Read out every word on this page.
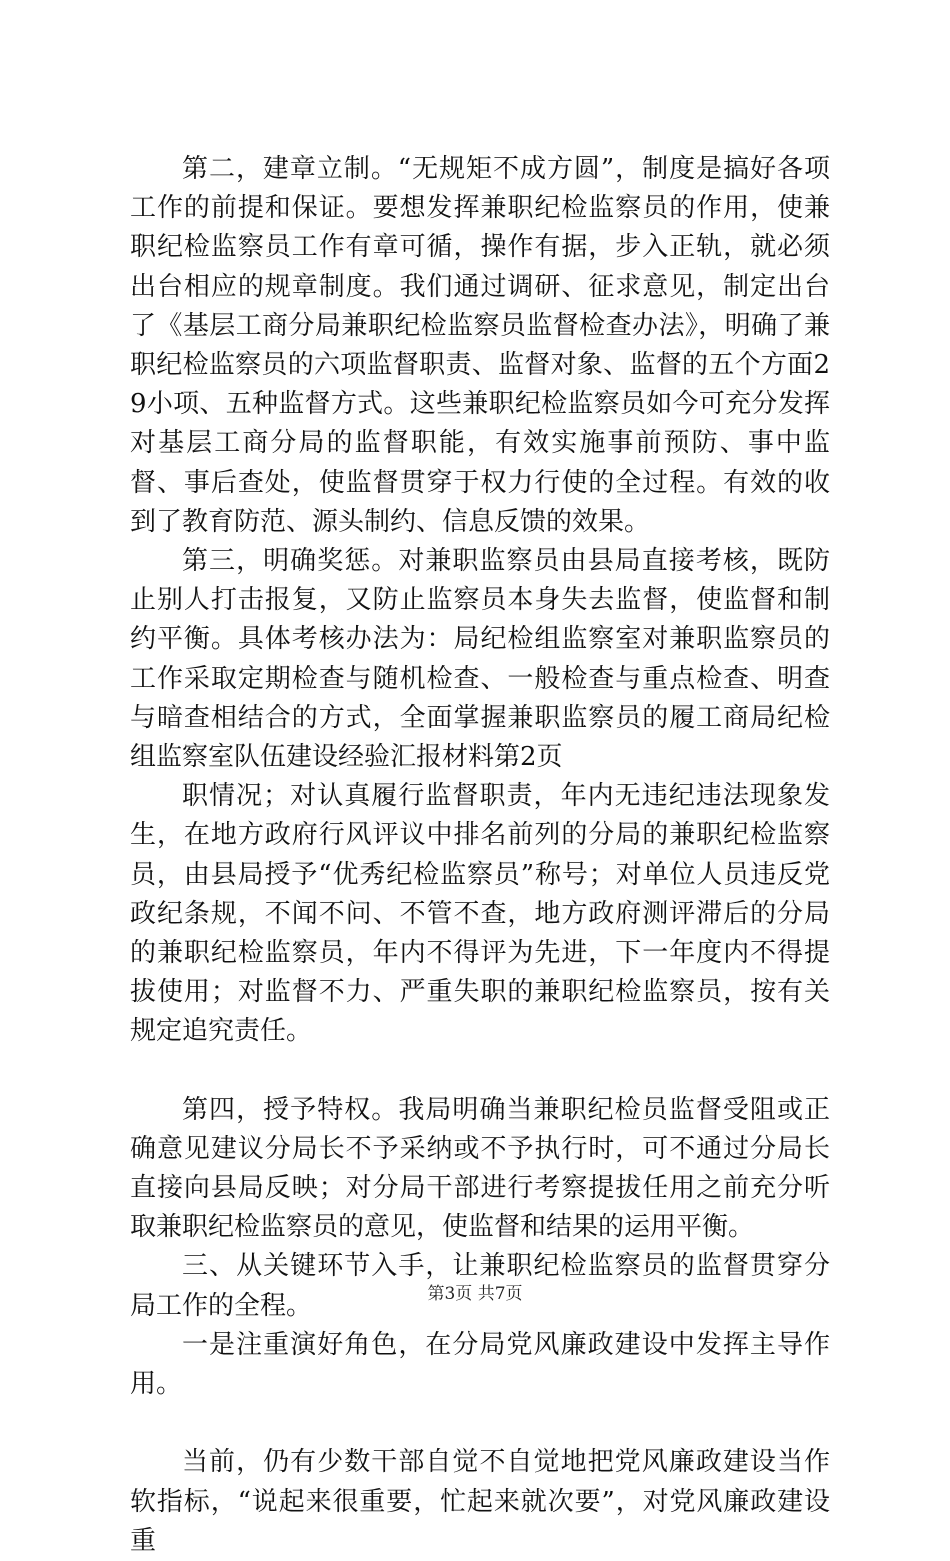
第二，建章立制。“无规矩不成方圆”，制度是搞好各项工作的前提和保证。要想发挥兼职纪检监察员的作用，使兼职纪检监察员工作有章可循，操作有据，步入正轨，就必须出台相应的规章制度。我们通过调研、征求意见，制定出台了《基层工商分局兼职纪检监察员监督检查办法》，明确了兼职纪检监察员的六项监督职责、监督对象、监督的五个方面29小项、五种监督方式。这些兼职纪检监察员如今可充分发挥对基层工商分局的监督职能，有效实施事前预防、事中监督、事后查处，使监督贯穿于权力行使的全过程。有效的收到了教育防范、源头制约、信息反馈的效果。

第三，明确奖惩。对兼职监察员由县局直接考核，既防止别人打击报复，又防止监察员本身失去监督，使监督和制约平衡。具体考核办法为：局纪检组监察室对兼职监察员的工作采取定期检查与随机检查、一般检查与重点检查、明查与暗查相结合的方式，全面掌握兼职监察员的履工商局纪检组监察室队伍建设经验汇报材料第2页

职情况；对认真履行监督职责，年内无违纪违法现象发生，在地方政府行风评议中排名前列的分局的兼职纪检监察员，由县局授予“优秀纪检监察员”称号；对单位人员违反党政纪条规，不闻不问、不管不查，地方政府测评滞后的分局的兼职纪检监察员，年内不得评为先进，下一年度内不得提拔使用；对监督不力、严重失职的兼职纪检监察员，按有关规定追究责任。

第四，授予特权。我局明确当兼职纪检员监督受阻或正确意见建议分局长不予采纳或不予执行时，可不通过分局长直接向县局反映；对分局干部进行考察提拔任用之前充分听取兼职纪检监察员的意见，使监督和结果的运用平衡。

三、从关键环节入手，让兼职纪检监察员的监督贯穿分局工作的全程。

一是注重演好角色，在分局党风廉政建设中发挥主导作用。

当前，仍有少数干部自觉不自觉地把党风廉政建设当作软指标，“说起来很重要，忙起来就次要”，对党风廉政建设重

第3页 共7页
